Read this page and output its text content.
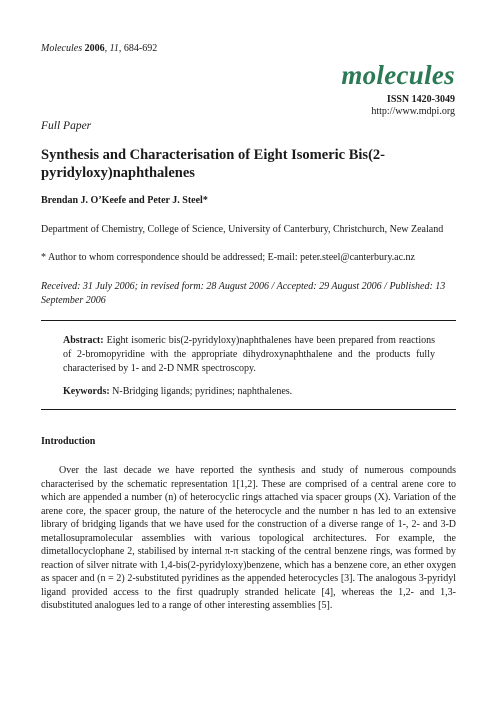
Molecules 2006, 11, 684-692
molecules
ISSN 1420-3049
http://www.mdpi.org
Full Paper
Synthesis and Characterisation of Eight Isomeric Bis(2-pyridyloxy)naphthalenes
Brendan J. O’Keefe and Peter J. Steel*
Department of Chemistry, College of Science, University of Canterbury, Christchurch, New Zealand
* Author to whom correspondence should be addressed; E-mail: peter.steel@canterbury.ac.nz
Received: 31 July 2006; in revised form: 28 August 2006 / Accepted: 29 August 2006 / Published: 13 September 2006
Abstract: Eight isomeric bis(2-pyridyloxy)naphthalenes have been prepared from reactions of 2-bromopyridine with the appropriate dihydroxynaphthalene and the products fully characterised by 1- and 2-D NMR spectroscopy.
Keywords: N-Bridging ligands; pyridines; naphthalenes.
Introduction
Over the last decade we have reported the synthesis and study of numerous compounds characterised by the schematic representation 1[1,2]. These are comprised of a central arene core to which are appended a number (n) of heterocyclic rings attached via spacer groups (X). Variation of the arene core, the spacer group, the nature of the heterocycle and the number n has led to an extensive library of bridging ligands that we have used for the construction of a diverse range of 1-, 2- and 3-D metallosupramolecular assemblies with various topological architectures. For example, the dimetallocyclophane 2, stabilised by internal π-π stacking of the central benzene rings, was formed by reaction of silver nitrate with 1,4-bis(2-pyridyloxy)benzene, which has a benzene core, an ether oxygen as spacer and (n = 2) 2-substituted pyridines as the appended heterocycles [3]. The analogous 3-pyridyl ligand provided access to the first quadruply stranded helicate [4], whereas the 1,2- and 1,3-disubstituted analogues led to a range of other interesting assemblies [5].
